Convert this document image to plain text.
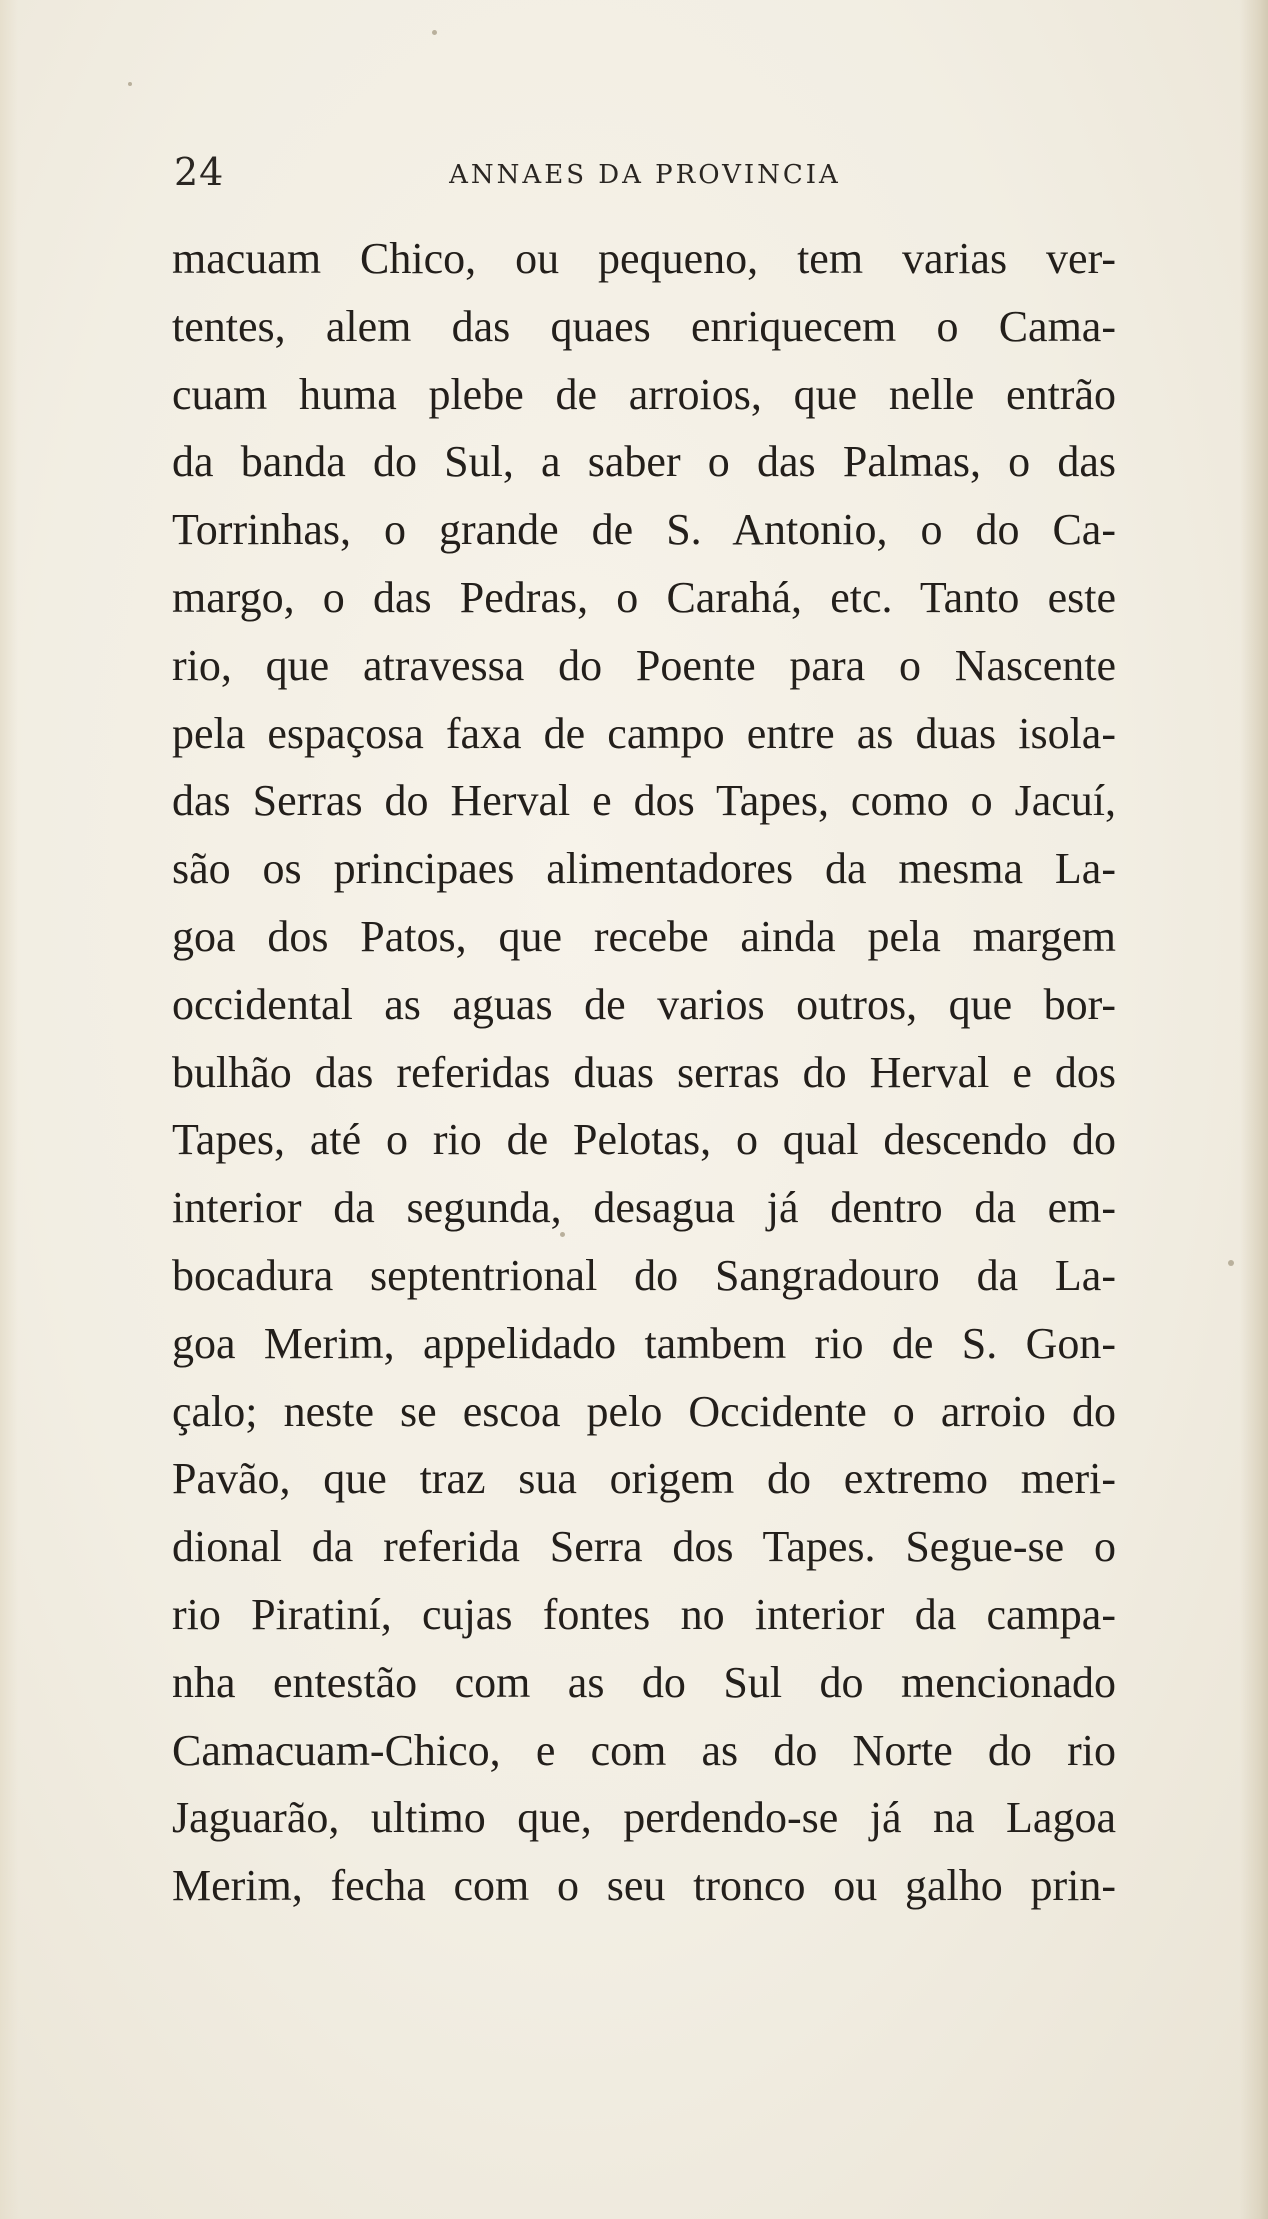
24	ANNAES DA PROVINCIA
macuam Chico, ou pequeno, tem varias ver-
tentes, alem das quaes enriquecem o Cama-
cuam huma plebe de arroios, que nelle entrão
da banda do Sul, a saber o das Palmas, o das
Torrinhas, o grande de S. Antonio, o do Ca-
margo, o das Pedras, o Carahá, etc. Tanto este
rio, que atravessa do Poente para o Nascente
pela espaçosa faxa de campo entre as duas isola-
das Serras do Herval e dos Tapes, como o Jacuí,
são os principaes alimentadores da mesma La-
goa dos Patos, que recebe ainda pela margem
occidental as aguas de varios outros, que bor-
bulhão das referidas duas serras do Herval e dos
Tapes, até o rio de Pelotas, o qual descendo do
interior da segunda, desagua já dentro da em-
bocadura septentrional do Sangradouro da La-
goa Merim, appelidado tambem rio de S. Gon-
çalo; neste se escoa pelo Occidente o arroio do
Pavão, que traz sua origem do extremo meri-
dional da referida Serra dos Tapes. Segue-se o
rio Piratiní, cujas fontes no interior da campa-
nha entestão com as do Sul do mencionado
Camacuam-Chico, e com as do Norte do rio
Jaguarão, ultimo que, perdendo-se já na Lagoa
Merim, fecha com o seu tronco ou galho prin-
